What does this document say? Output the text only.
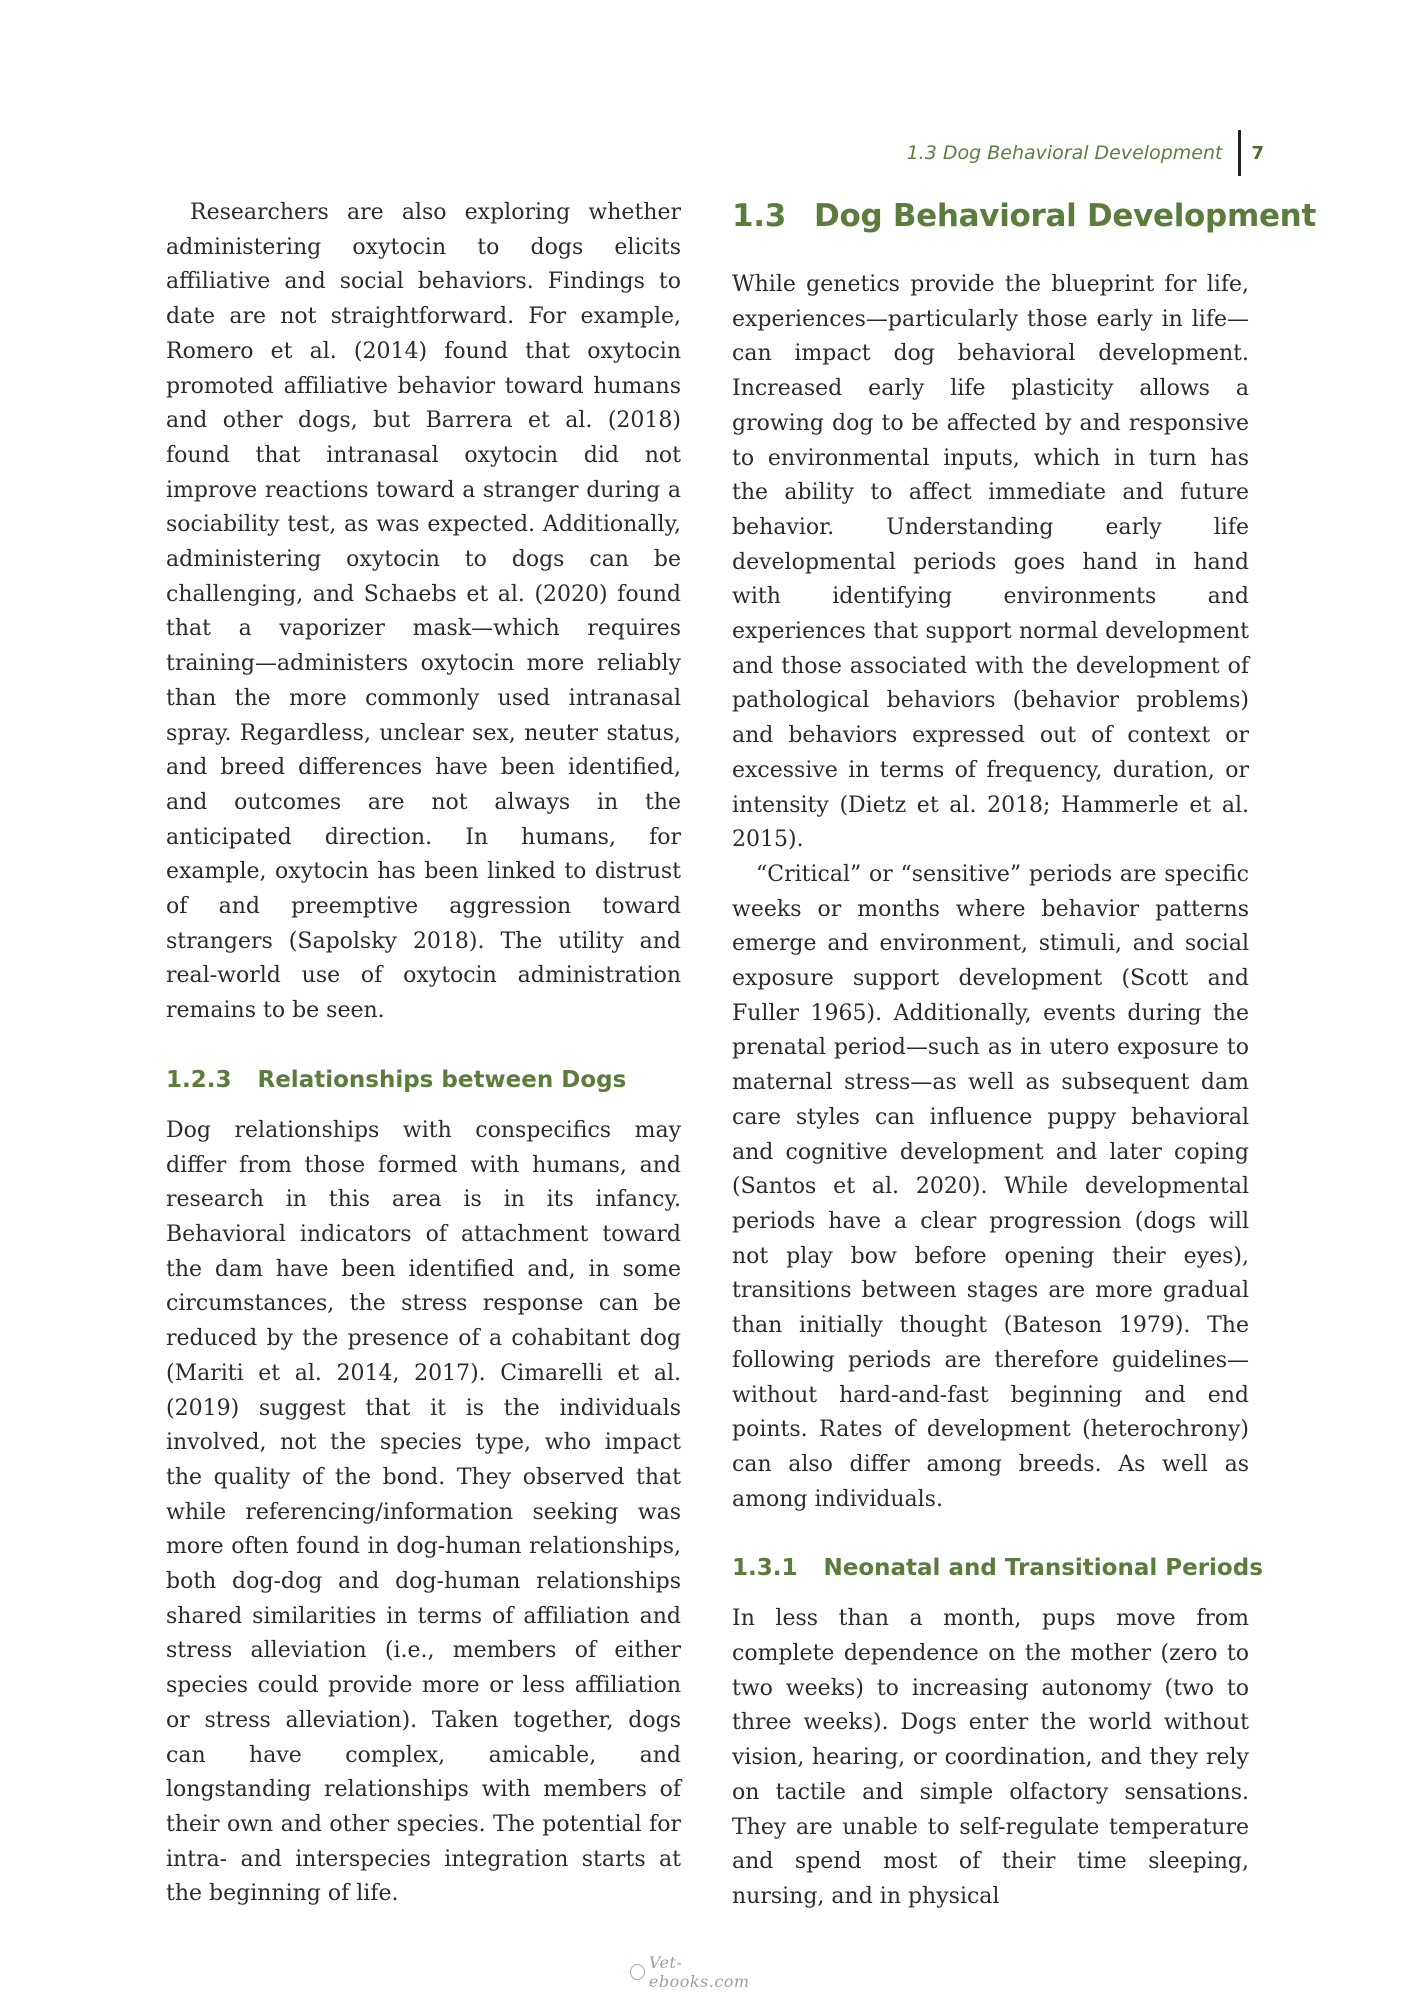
1.3 Dog Behavioral Development 7

Researchers are also exploring whether administering oxytocin to dogs elicits affiliative and social behaviors. Findings to date are not straightforward. For example, Romero et al. (2014) found that oxytocin promoted affiliative behavior toward humans and other dogs, but Barrera et al. (2018) found that intranasal oxytocin did not improve reactions toward a stranger during a sociability test, as was expected. Additionally, administering oxytocin to dogs can be challenging, and Schaebs et al. (2020) found that a vaporizer mask—which requires training—administers oxytocin more reliably than the more commonly used intranasal spray. Regardless, unclear sex, neuter status, and breed differences have been identified, and outcomes are not always in the anticipated direction. In humans, for example, oxytocin has been linked to distrust of and preemptive aggression toward strangers (Sapolsky 2018). The utility and real-world use of oxytocin administration remains to be seen.

1.2.3 Relationships between Dogs

Dog relationships with conspecifics may differ from those formed with humans, and research in this area is in its infancy. Behavioral indicators of attachment toward the dam have been identified and, in some circumstances, the stress response can be reduced by the presence of a cohabitant dog (Mariti et al. 2014, 2017). Cimarelli et al. (2019) suggest that it is the individuals involved, not the species type, who impact the quality of the bond. They observed that while referencing/information seeking was more often found in dog-human relationships, both dog-dog and dog-human relationships shared similarities in terms of affiliation and stress alleviation (i.e., members of either species could provide more or less affiliation or stress alleviation). Taken together, dogs can have complex, amicable, and longstanding relationships with members of their own and other species. The potential for intra- and interspecies integration starts at the beginning of life.

1.3 Dog Behavioral Development

While genetics provide the blueprint for life, experiences—particularly those early in life—can impact dog behavioral development. Increased early life plasticity allows a growing dog to be affected by and responsive to environmental inputs, which in turn has the ability to affect immediate and future behavior. Understanding early life developmental periods goes hand in hand with identifying environments and experiences that support normal development and those associated with the development of pathological behaviors (behavior problems) and behaviors expressed out of context or excessive in terms of frequency, duration, or intensity (Dietz et al. 2018; Hammerle et al. 2015).

“Critical” or “sensitive” periods are specific weeks or months where behavior patterns emerge and environment, stimuli, and social exposure support development (Scott and Fuller 1965). Additionally, events during the prenatal period—such as in utero exposure to maternal stress—as well as subsequent dam care styles can influence puppy behavioral and cognitive development and later coping (Santos et al. 2020). While developmental periods have a clear progression (dogs will not play bow before opening their eyes), transitions between stages are more gradual than initially thought (Bateson 1979). The following periods are therefore guidelines—without hard-and-fast beginning and end points. Rates of development (heterochrony) can also differ among breeds. As well as among individuals.

1.3.1 Neonatal and Transitional Periods

In less than a month, pups move from complete dependence on the mother (zero to two weeks) to increasing autonomy (two to three weeks). Dogs enter the world without vision, hearing, or coordination, and they rely on tactile and simple olfactory sensations. They are unable to self-regulate temperature and spend most of their time sleeping, nursing, and in physical

Vet-ebooks.com
